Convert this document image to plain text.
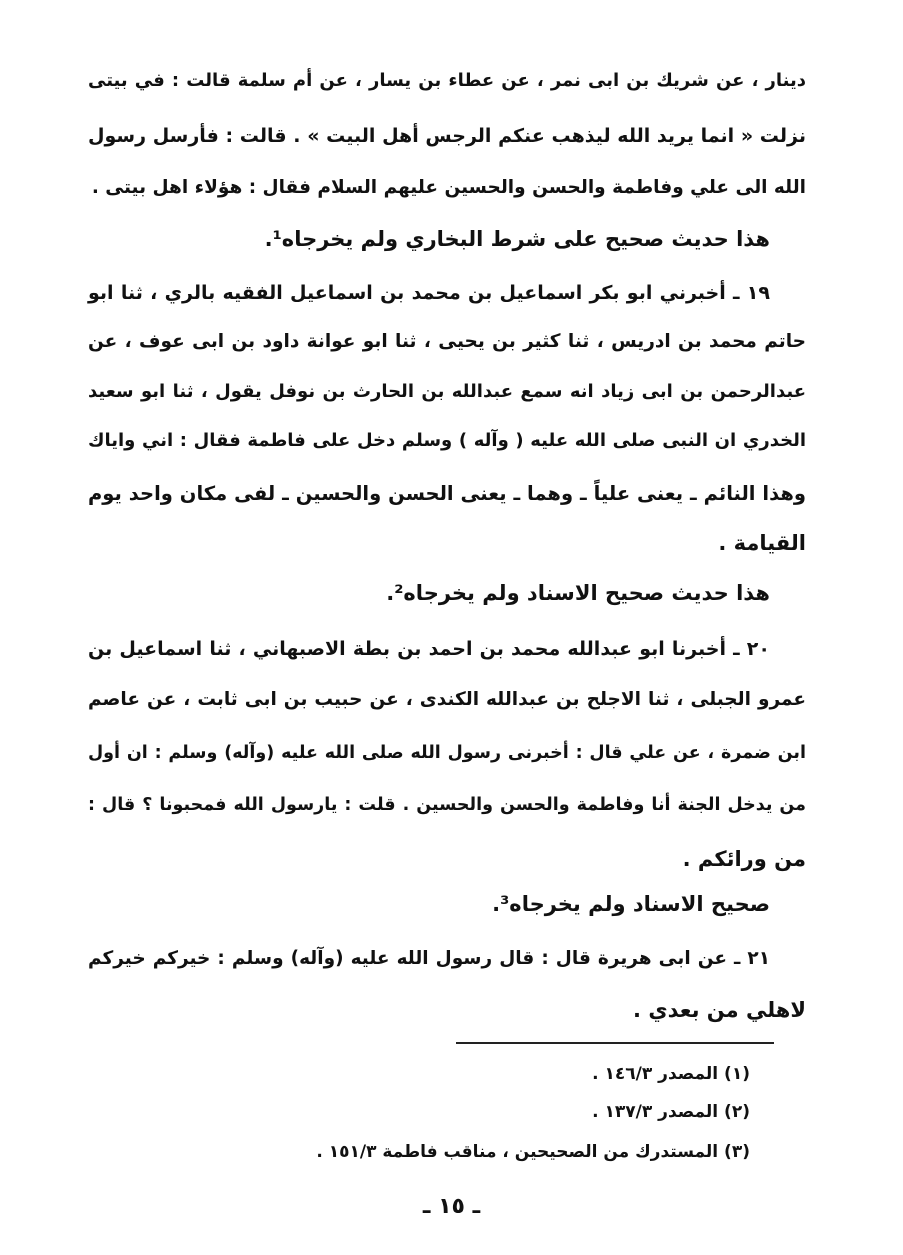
دينار ، عن شريك بن ابى نمر ، عن عطاء بن يسار ، عن أم سلمة قالت : في بيتى
نزلت « انما يريد الله ليذهب عنكم الرجس أهل البيت » . قالت : فأرسل رسول
الله الى علي وفاطمة والحسن والحسين عليهم السلام فقال : هؤلاء اهل بيتى .
هذا حديث صحيح على شرط البخاري ولم يخرجاه¹.
١٩ ـ أخبرني ابو بكر اسماعيل بن محمد بن اسماعيل الفقيه بالري ، ثنا ابو
حاتم محمد بن ادريس ، ثنا كثير بن يحيى ، ثنا ابو عوانة داود بن ابى عوف ، عن
عبدالرحمن بن ابى زياد انه سمع عبدالله بن الحارث بن نوفل يقول ، ثنا ابو سعيد
الخدري ان النبى صلى الله عليه ( وآله ) وسلم دخل على فاطمة فقال : اني واياك
وهذا النائم ـ يعنى علياً ـ وهما ـ يعنى الحسن والحسين ـ لفى مكان واحد يوم
القيامة .
هذا حديث صحيح الاسناد ولم يخرجاه².
٢٠ ـ أخبرنا ابو عبدالله محمد بن احمد بن بطة الاصبهاني ، ثنا اسماعيل بن
عمرو الجبلى ، ثنا الاجلح بن عبدالله الكندى ، عن حبيب بن ابى ثابت ، عن عاصم
ابن ضمرة ، عن علي قال : أخبرنى رسول الله صلى الله عليه (وآله) وسلم : ان أول
من يدخل الجنة أنا وفاطمة والحسن والحسين . قلت : يارسول الله فمحبونا ؟ قال :
من ورائكم .
صحيح الاسناد ولم يخرجاه³.
٢١ ـ عن ابى هريرة قال : قال رسول الله عليه (وآله) وسلم : خيركم خيركم
لاهلي من بعدي .
(١) المصدر ١٤٦/٣ .
(٢) المصدر ١٣٧/٣ .
(٣) المستدرك من الصحيحين ، مناقب فاطمة ١٥١/٣ .
ـ ١٥ ـ
